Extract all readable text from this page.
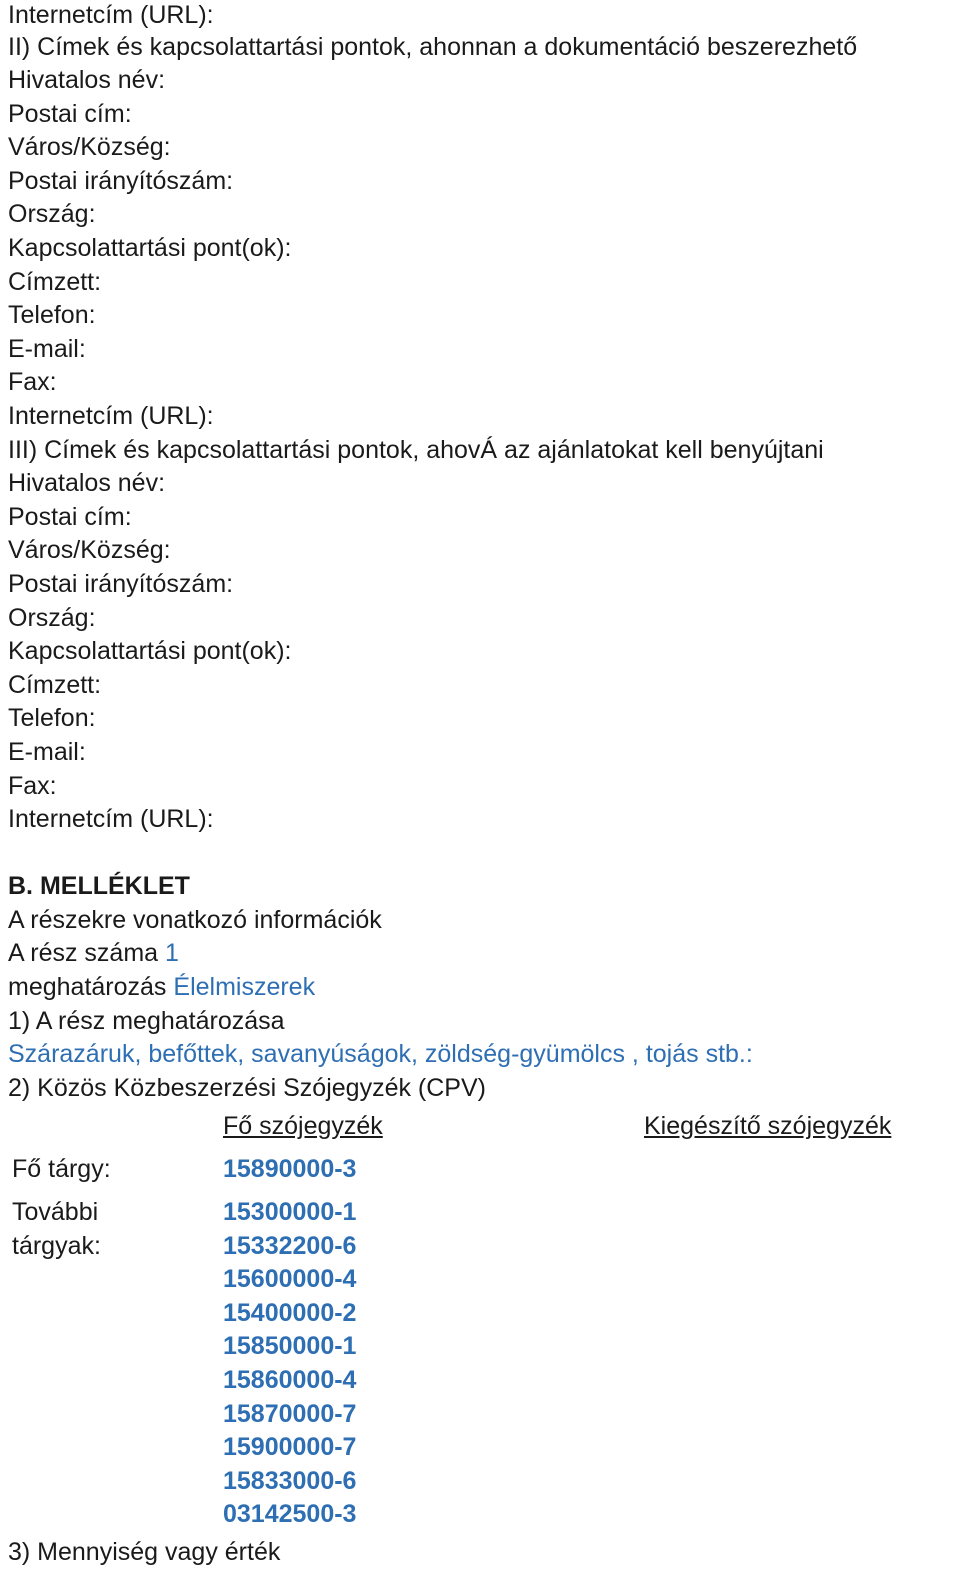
Internetcím (URL):
II) Címek és kapcsolattartási pontok, ahonnan a dokumentáció beszerezhető
Hivatalos név:
Postai cím:
Város/Község:
Postai irányítószám:
Ország:
Kapcsolattartási pont(ok):
Címzett:
Telefon:
E-mail:
Fax:
Internetcím (URL):
III) Címek és kapcsolattartási pontok, ahovÁ az ajánlatokat kell benyújtani
Hivatalos név:
Postai cím:
Város/Község:
Postai irányítószám:
Ország:
Kapcsolattartási pont(ok):
Címzett:
Telefon:
E-mail:
Fax:
Internetcím (URL):
B. MELLÉKLET
A részekre vonatkozó információk
A rész száma 1
meghatározás Élelmiszerek
1) A rész meghatározása
Szárazáruk, befőttek, savanyúságok, zöldség-gyümölcs , tojás stb.:
2) Közös Közbeszerzési Szójegyzék (CPV)
Fő szójegyzék	Kiegészítő szójegyzék
Fő tárgy:	15890000-3
További
tárgyak:
15300000-1
15332200-6
15600000-4
15400000-2
15850000-1
15860000-4
15870000-7
15900000-7
15833000-6
03142500-3
3) Mennyiség vagy érték
